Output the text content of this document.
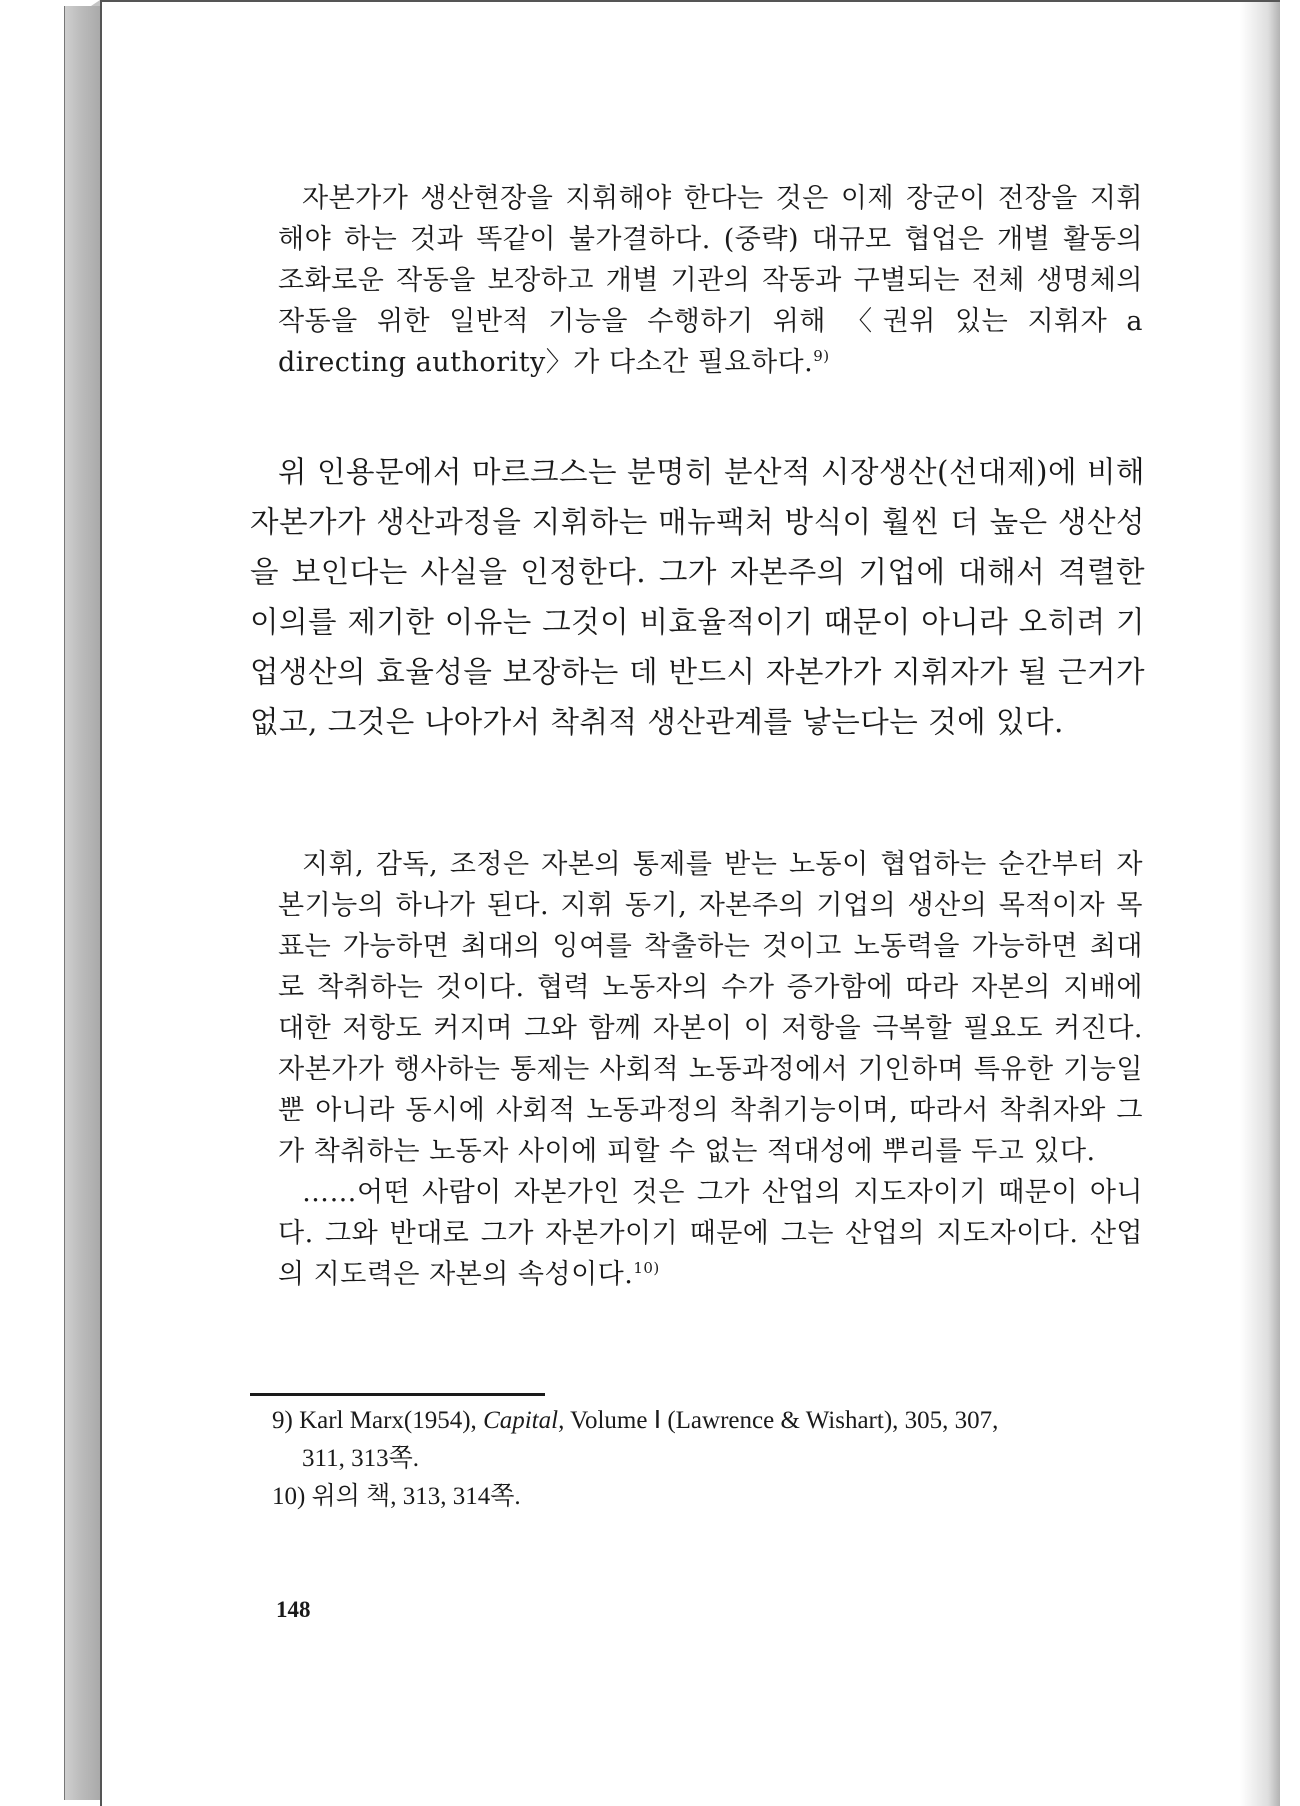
자본가가 생산현장을 지휘해야 한다는 것은 이제 장군이 전장을 지휘해야 하는 것과 똑같이 불가결하다. (중략) 대규모 협업은 개별 활동의 조화로운 작동을 보장하고 개별 기관의 작동과 구별되는 전체 생명체의 작동을 위한 일반적 기능을 수행하기 위해 〈권위 있는 지휘자 a directing authority〉가 다소간 필요하다.$^{9)}$

위 인용문에서 마르크스는 분명히 분산적 시장생산(선대제)에 비해 자본가가 생산과정을 지휘하는 매뉴팩처 방식이 훨씬 더 높은 생산성을 보인다는 사실을 인정한다. 그가 자본주의 기업에 대해서 격렬한 이의를 제기한 이유는 그것이 비효율적이기 때문이 아니라 오히려 기업생산의 효율성을 보장하는 데 반드시 자본가가 지휘자가 될 근거가 없고, 그것은 나아가서 착취적 생산관계를 낳는다는 것에 있다.

지휘, 감독, 조정은 자본의 통제를 받는 노동이 협업하는 순간부터 자본기능의 하나가 된다. 지휘 동기, 자본주의 기업의 생산의 목적이자 목표는 가능하면 최대의 잉여를 착출하는 것이고 노동력을 가능하면 최대로 착취하는 것이다. 협력 노동자의 수가 증가함에 따라 자본의 지배에 대한 저항도 커지며 그와 함께 자본이 이 저항을 극복할 필요도 커진다. 자본가가 행사하는 통제는 사회적 노동과정에서 기인하며 특유한 기능일 뿐 아니라 동시에 사회적 노동과정의 착취기능이며, 따라서 착취자와 그가 착취하는 노동자 사이에 피할 수 없는 적대성에 뿌리를 두고 있다.

……어떤 사람이 자본가인 것은 그가 산업의 지도자이기 때문이 아니다. 그와 반대로 그가 자본가이기 때문에 그는 산업의 지도자이다. 산업의 지도력은 자본의 속성이다.$^{10)}$

9) Karl Marx(1954), Capital, Volume Ⅰ (Lawrence & Wishart), 305, 307,
311, 313쪽.

10) 위의 책, 313, 314쪽.

148
